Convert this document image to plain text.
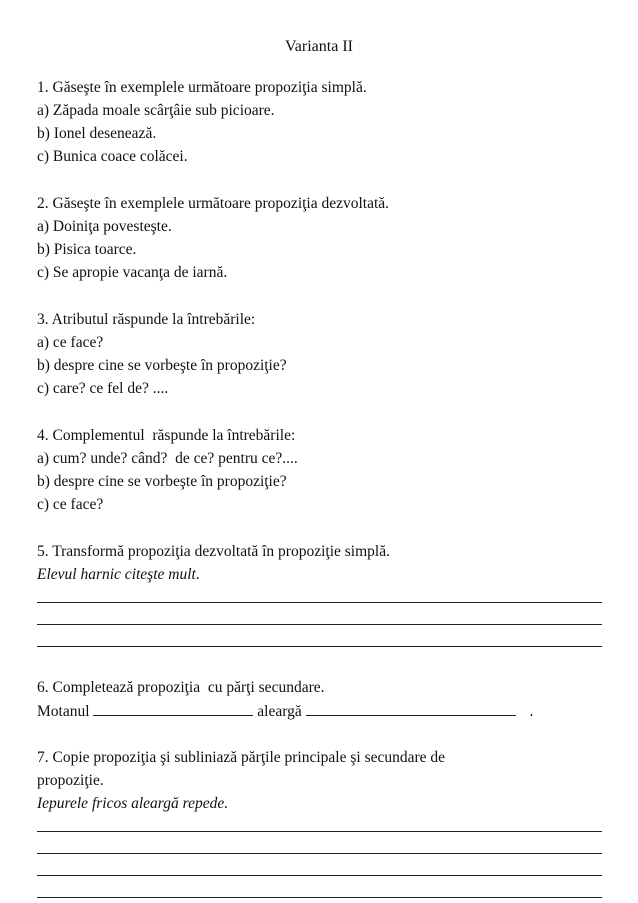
Varianta II
1. Găseşte în exemplele următoare propoziţia simplă.
a) Zăpada moale scârţâie sub picioare.
b) Ionel desenează.
c) Bunica coace colăcei.
2. Găseşte în exemplele următoare propoziţia dezvoltată.
a) Doiniţa povesteşte.
b) Pisica toarce.
c) Se apropie vacanţa de iarnă.
3. Atributul răspunde la întrebările:
a) ce face?
b) despre cine se vorbeşte în propoziţie?
c) care? ce fel de? ....
4. Complementul  răspunde la întrebările:
a) cum? unde? când?  de ce? pentru ce?....
b) despre cine se vorbeşte în propoziţie?
c) ce face?
5. Transformă propoziţia dezvoltată în propoziţie simplă.
Elevul harnic citeşte mult.
6. Completează propoziţia  cu părţi secundare.
Motanul	aleargă	.
7. Copie propoziţia şi subliniază părţile principale şi secundare de
propoziţie.
Iepurele fricos aleargă repede.
